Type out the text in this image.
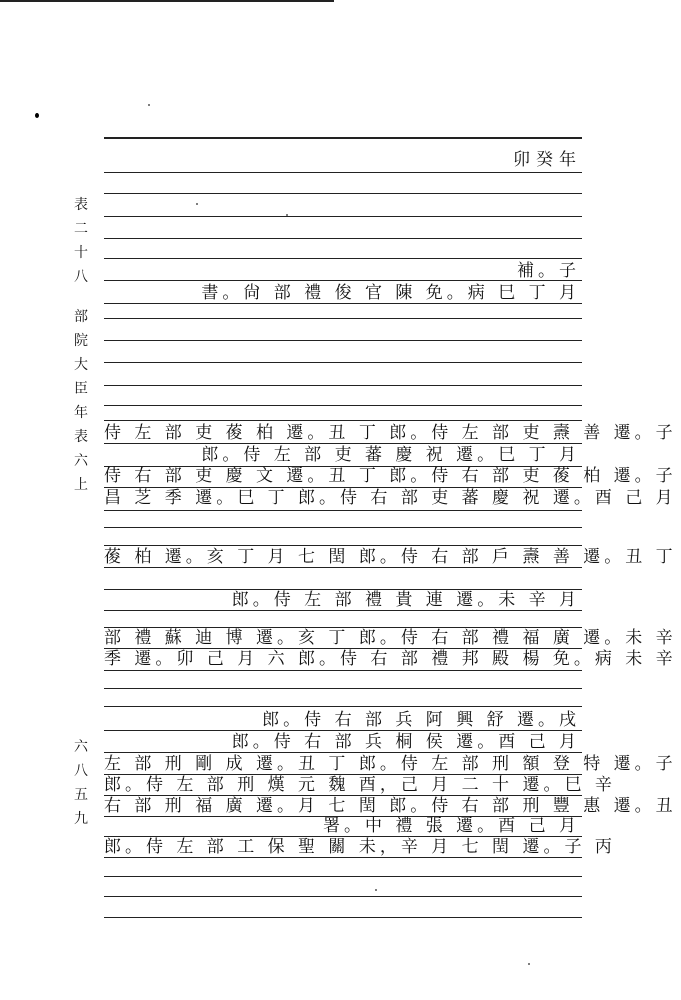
表
二
十
八
部
院
大
臣
年
表
六
上
六
八
五
九
卯癸年
補。子
書。尙 部 禮 俊 官 陳 免。病 巳 丁 月
侍 左 部 吏 葰 柏 遷。丑 丁 郎。侍 左 部 吏 燾 善 遷。子
郎。侍 左 部 吏 蕃 慶 祝 遷。巳 丁 月
侍 右 部 吏 慶 文 遷。丑 丁 郎。侍 右 部 吏 葰 柏 遷。子
昌 芝 季 遷。巳 丁 郎。侍 右 部 吏 蕃 慶 祝 遷。酉 己 月
葰 柏 遷。亥 丁 月 七 閏 郎。侍 右 部 戶 燾 善 遷。丑 丁
郎。侍 左 部 禮 貴 連 遷。未 辛 月
部 禮 蘇 迪 博 遷。亥 丁 郎。侍 右 部 禮 福 廣 遷。未 辛
季 遷。卯 己 月 六 郎。侍 右 部 禮 邦 殿 楊 免。病 未 辛
郎。侍 右 部 兵 阿 興 舒 遷。戌
郎。侍 右 部 兵 桐 侯 遷。酉 己 月
左 部 刑 剛 成 遷。丑 丁 郎。侍 左 部 刑 額 登 特 遷。子
郎。侍 左 部 刑 熯 元 魏 酉，己 月 二 十 遷。巳 辛
右 部 刑 福 廣 遷。月 七 閏 郎。侍 右 部 刑 豐 惠 遷。丑
署。中 禮 張 遷。酉 己 月
郎。侍 左 部 工 保 聖 關 未，辛 月 七 閏 遷。子 丙
